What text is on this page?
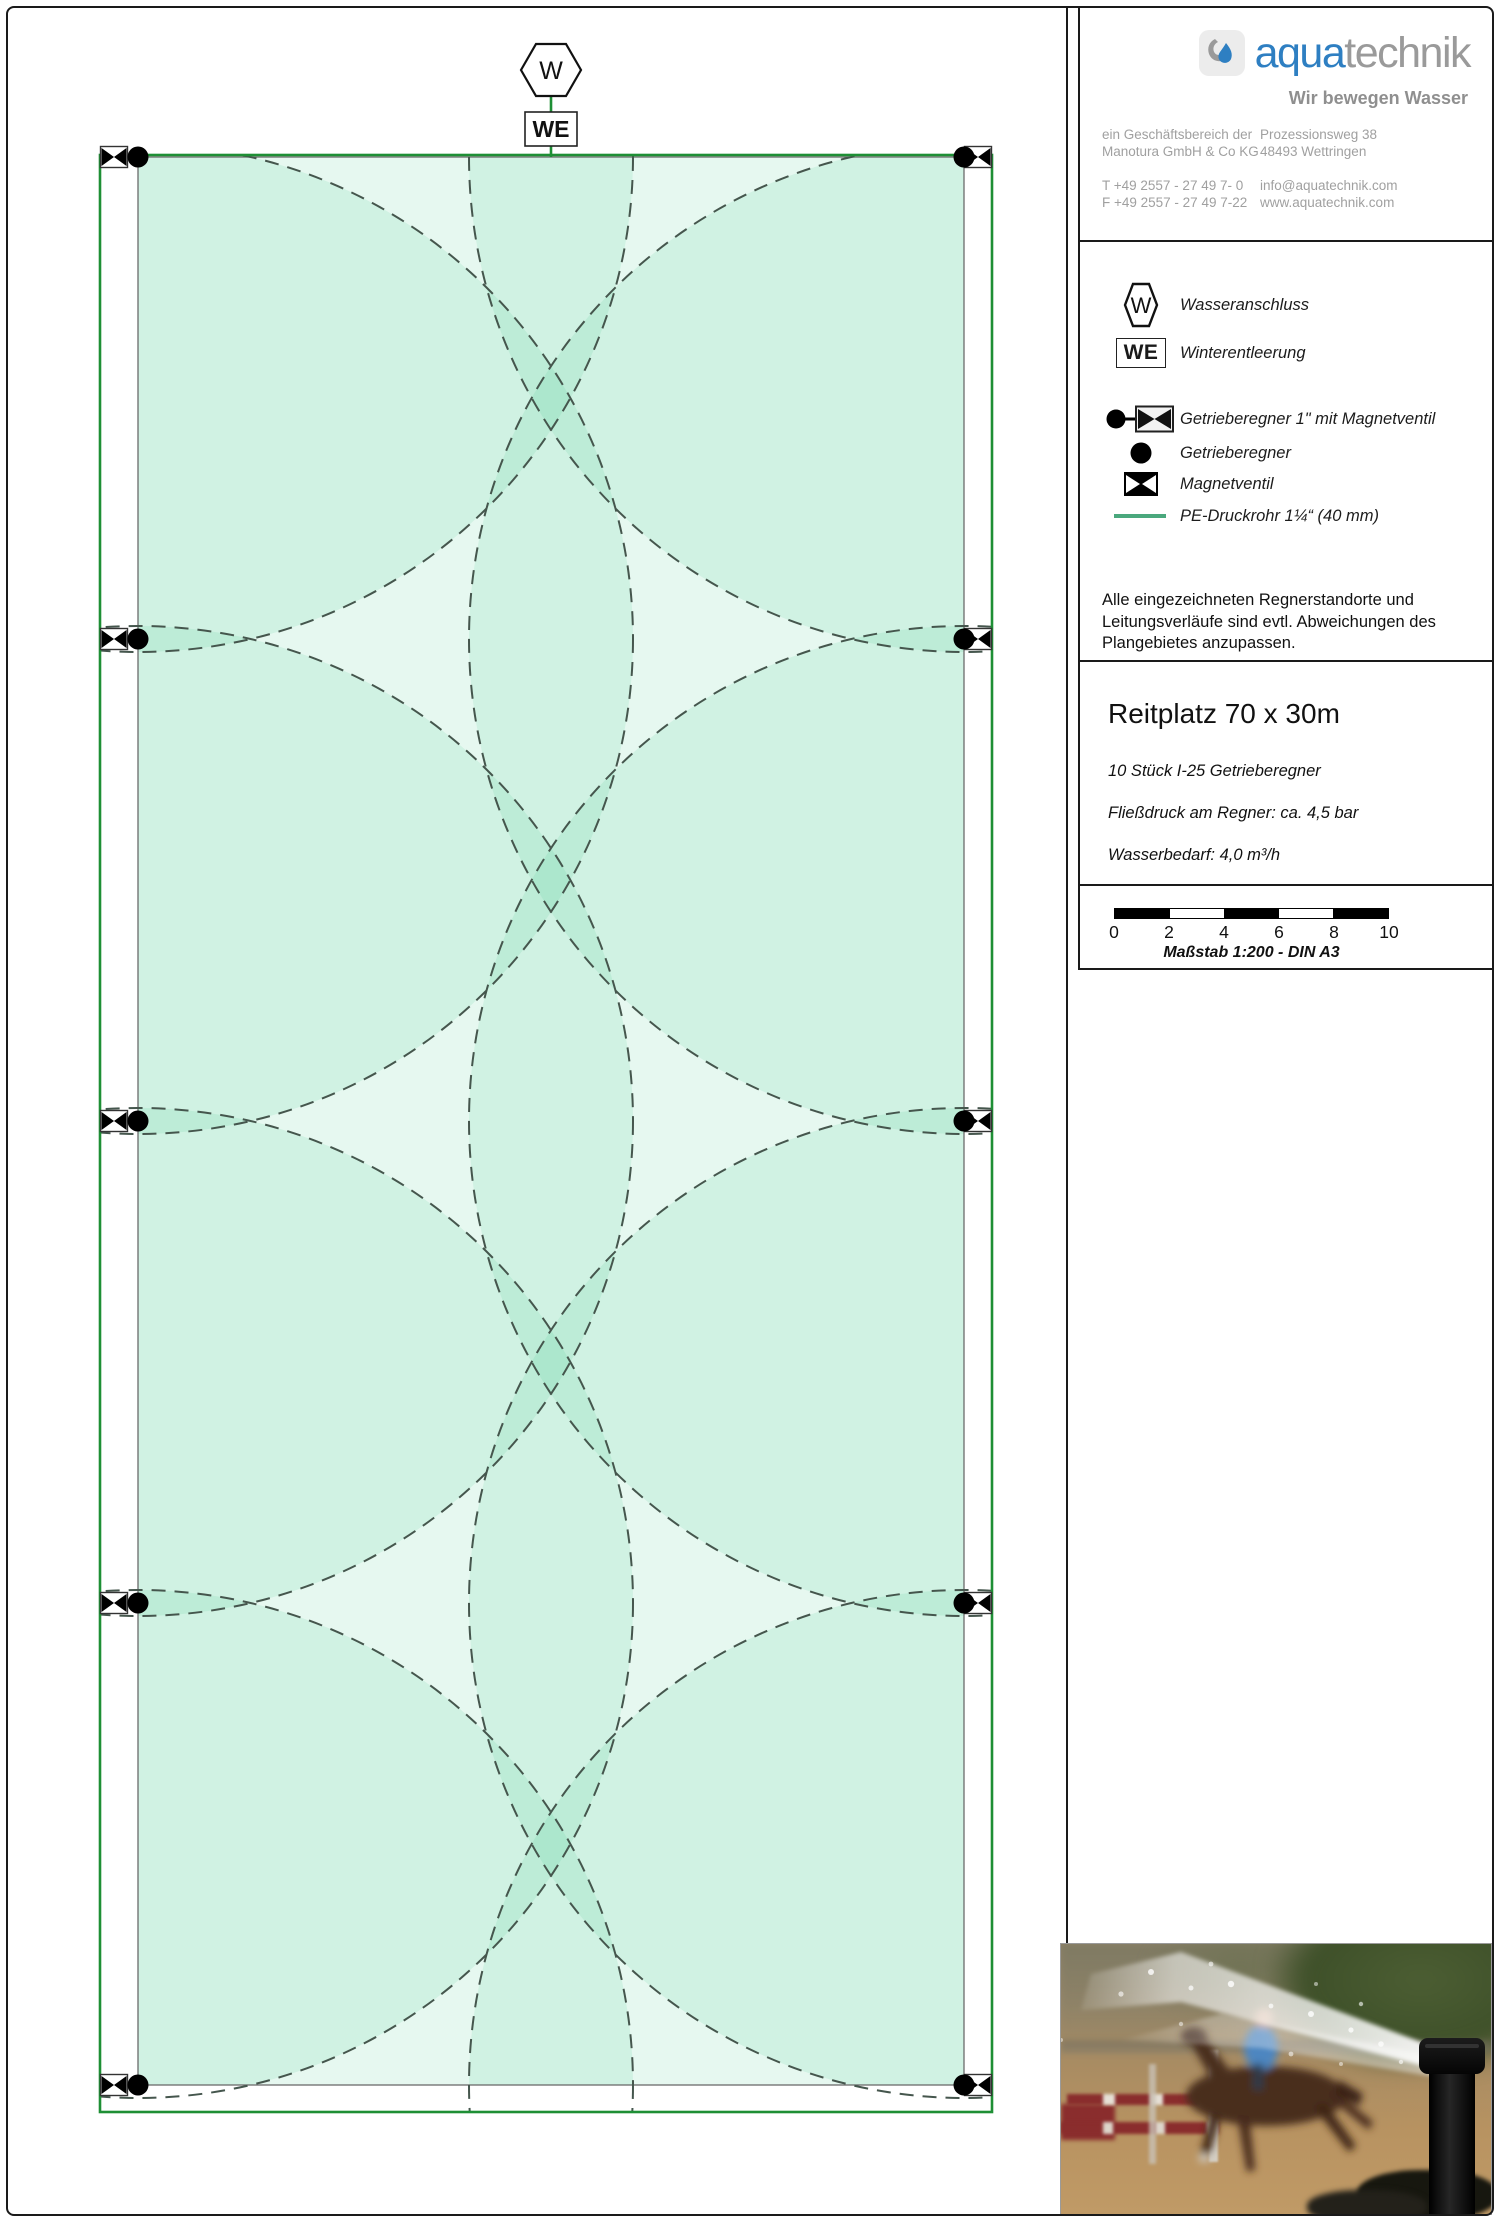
W
WE
aquatechnik
Wir bewegen Wasser
ein Geschäftsbereich der
Manotura GmbH & Co KG
Prozessionsweg 38
48493 Wettringen
T +49 2557 - 27 49 7- 0
F +49 2557 - 27 49 7-22
info@aquatechnik.com
www.aquatechnik.com
W Wasseranschluss
WE	Winterentleerung
Getrieberegner 1" mit Magnetventil
Getrieberegner
Magnetventil
PE-Druckrohr 1¼“ (40 mm)
Alle eingezeichneten Regnerstandorte und Leitungsverläufe sind evtl. Abweichungen des Plangebietes anzupassen.
Reitplatz 70 x 30m
10 Stück I-25 Getrieberegner
Fließdruck am Regner: ca. 4,5 bar
Wasserbedarf: 4,0 m³/h
0	2	4	6	8 10
Maßstab 1:200 - DIN A3
